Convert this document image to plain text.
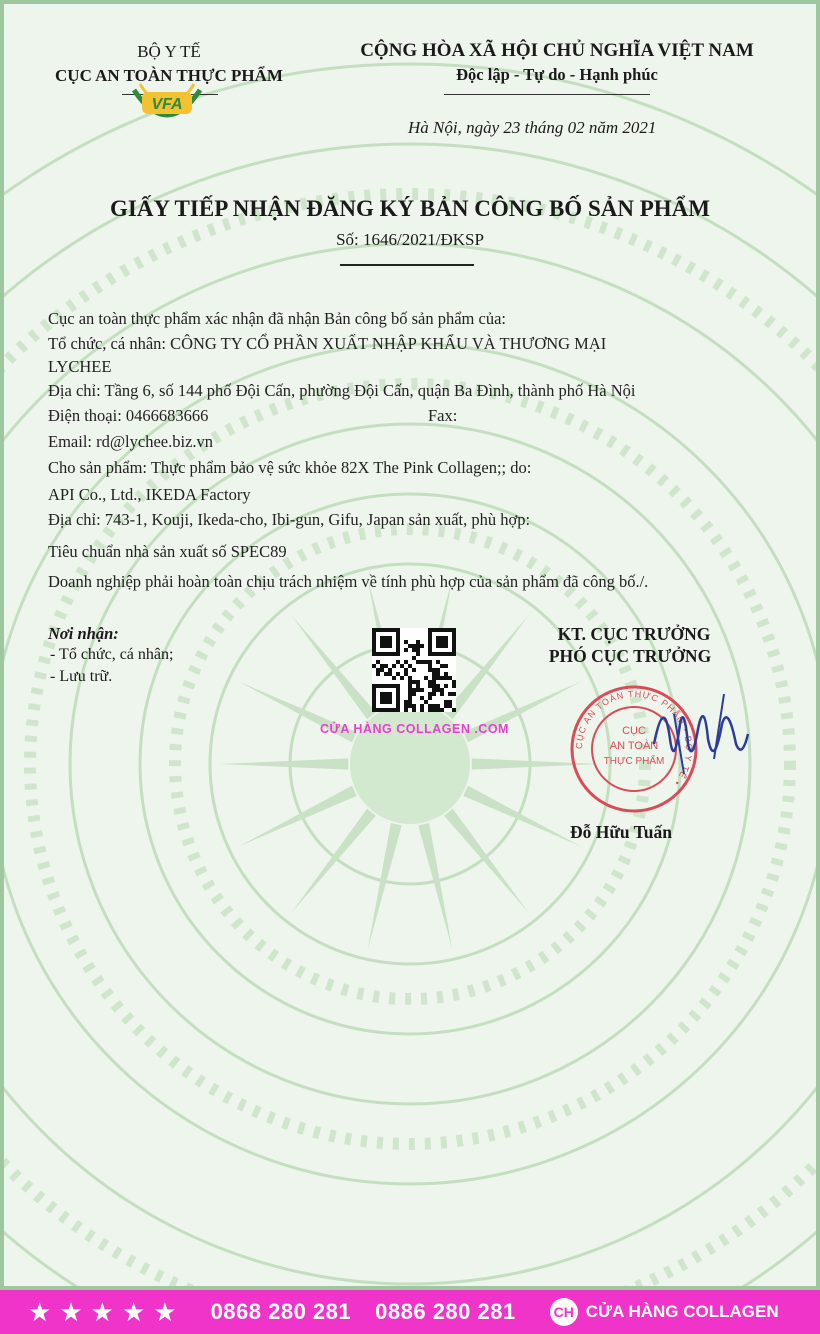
BỘ Y TẾ
CỤC AN TOÀN THỰC PHẨM
VFA
CỘNG HÒA XÃ HỘI CHỦ NGHĨA VIỆT NAM
Độc lập - Tự do - Hạnh phúc
Hà Nội, ngày 23 tháng 02 năm 2021
GIẤY TIẾP NHẬN ĐĂNG KÝ BẢN CÔNG BỐ SẢN PHẨM
Số: 1646/2021/ĐKSP
Cục an toàn thực phẩm xác nhận đã nhận Bản công bố sản phẩm của:
Tổ chức, cá nhân: CÔNG TY CỔ PHẦN XUẤT NHẬP KHẨU VÀ THƯƠNG MẠI
LYCHEE
Địa chỉ: Tầng 6, số 144 phố Đội Cấn, phường Đội Cấn, quận Ba Đình, thành phố Hà Nội
Điện thoại: 0466683666	Fax:
Email: rd@lychee.biz.vn
Cho sản phẩm: Thực phẩm bảo vệ sức khỏe 82X The Pink Collagen;; do:
API Co., Ltd., IKEDA Factory
Địa chỉ: 743-1, Kouji, Ikeda-cho, Ibi-gun, Gifu, Japan sản xuất, phù hợp:
Tiêu chuẩn nhà sản xuất số SPEC89
Doanh nghiệp phải hoàn toàn chịu trách nhiệm về tính phù hợp của sản phẩm đã công bố./.
Nơi nhận:
- Tổ chức, cá nhân;
- Lưu trữ.
CỬA HÀNG COLLAGEN .COM
KT. CỤC TRƯỞNG
PHÓ CỤC TRƯỞNG
CỤC AN TOÀN THỰC PHẨM • BỘ Y TẾ •
CỤC
AN TOÀN
THỰC PHẨM
Đỗ Hữu Tuấn
★ ★ ★ ★ ★ 0868 280 281 0886 280 281	CH CỬA HÀNG COLLAGEN
